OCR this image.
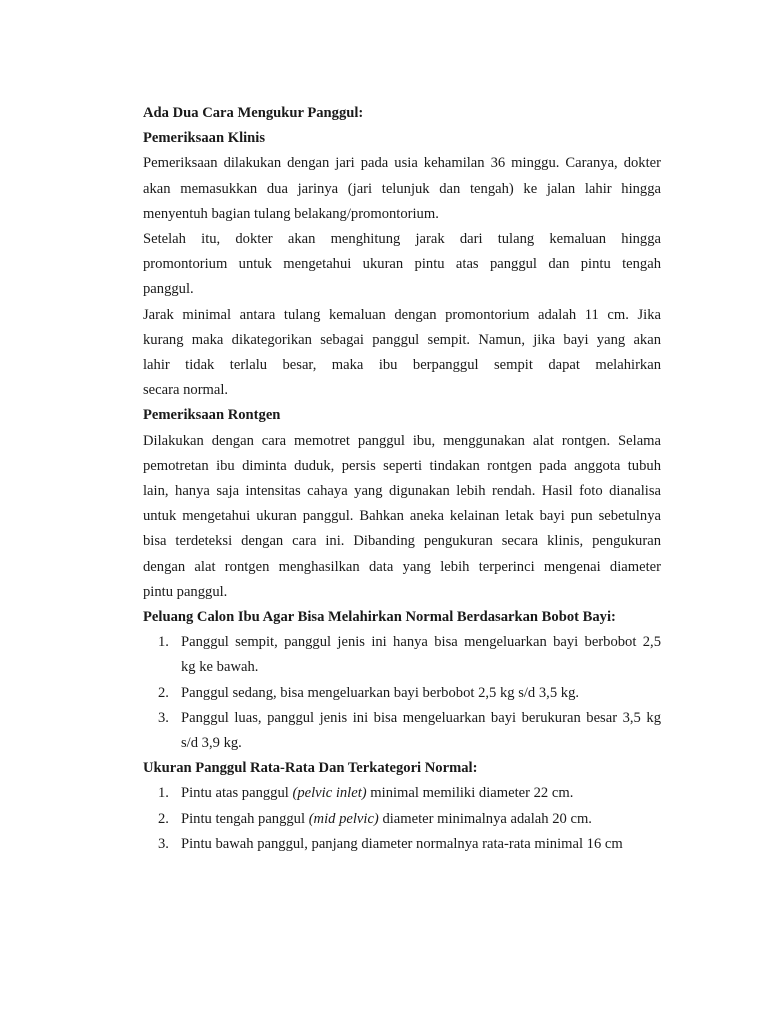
Ada Dua Cara Mengukur Panggul:
Pemeriksaan Klinis
Pemeriksaan dilakukan dengan jari pada usia kehamilan 36 minggu. Caranya, dokter
akan memasukkan dua jarinya (jari telunjuk dan tengah) ke jalan lahir hingga
menyentuh bagian tulang belakang/promontorium.
Setelah itu, dokter akan menghitung jarak dari tulang kemaluan hingga
promontorium untuk mengetahui ukuran pintu atas panggul dan pintu tengah
panggul.
Jarak minimal antara tulang kemaluan dengan promontorium adalah 11 cm. Jika
kurang maka dikategorikan sebagai panggul sempit. Namun, jika bayi yang akan
lahir tidak terlalu besar, maka ibu berpanggul sempit dapat melahirkan
secara normal.
Pemeriksaan Rontgen
Dilakukan dengan cara memotret panggul ibu, menggunakan alat rontgen. Selama
pemotretan ibu diminta duduk, persis seperti tindakan rontgen pada anggota tubuh
lain, hanya saja intensitas cahaya yang digunakan lebih rendah. Hasil foto dianalisa
untuk mengetahui ukuran panggul. Bahkan aneka kelainan letak bayi pun sebetulnya
bisa terdeteksi dengan cara ini. Dibanding pengukuran secara klinis, pengukuran
dengan alat rontgen menghasilkan data yang lebih terperinci mengenai diameter
pintu panggul.
Peluang Calon Ibu Agar Bisa Melahirkan Normal Berdasarkan Bobot Bayi:
1. Panggul sempit, panggul jenis ini hanya bisa mengeluarkan bayi berbobot 2,5
kg ke bawah.
2. Panggul sedang, bisa mengeluarkan bayi berbobot 2,5 kg s/d 3,5 kg.
3. Panggul luas, panggul jenis ini bisa mengeluarkan bayi berukuran besar 3,5 kg
s/d 3,9 kg.
Ukuran Panggul Rata-Rata Dan Terkategori Normal:
1. Pintu atas panggul (pelvic inlet) minimal memiliki diameter 22 cm.
2. Pintu tengah panggul (mid pelvic) diameter minimalnya adalah 20 cm.
3. Pintu bawah panggul, panjang diameter normalnya rata-rata minimal 16 cm
